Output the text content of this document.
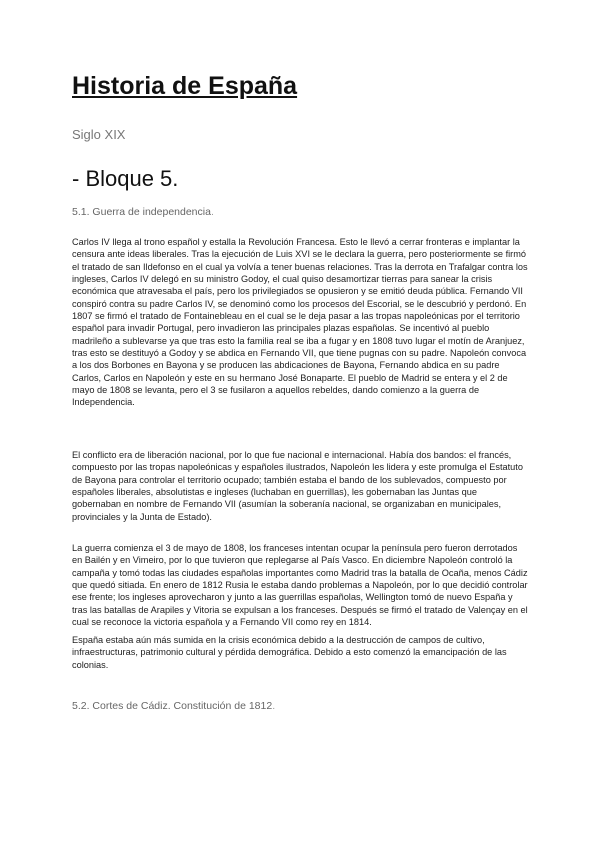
Historia de España

Siglo XIX

- Bloque 5.
5.1. Guerra de independencia.

Carlos IV llega al trono español y estalla la Revolución Francesa. Esto le llevó a cerrar fronteras e implantar la censura ante ideas liberales. Tras la ejecución de Luis XVI se le declara la guerra, pero posteriormente se firmó el tratado de san Ildefonso en el cual ya volvía a tener buenas relaciones. Tras la derrota en Trafalgar contra los ingleses, Carlos IV delegó en su ministro Godoy, el cual quiso desamortizar tierras para sanear la crisis económica que atravesaba el país, pero los privilegiados se opusieron y se emitió deuda pública. Fernando VII conspiró contra su padre Carlos IV, se denominó como los procesos del Escorial, se le descubrió y perdonó. En 1807 se firmó el tratado de Fontainebleau en el cual se le deja pasar a las tropas napoleónicas por el territorio español para invadir Portugal, pero invadieron las principales plazas españolas. Se incentivó al pueblo madrileño a sublevarse ya que tras esto la familia real se iba a fugar y en 1808 tuvo lugar el motín de Aranjuez, tras esto se destituyó a Godoy y se abdica en Fernando VII, que tiene pugnas con su padre. Napoleón convoca a los dos Borbones en Bayona y se producen las abdicaciones de Bayona, Fernando abdica en su padre Carlos, Carlos en Napoleón y este en su hermano José Bonaparte. El pueblo de Madrid se entera y el 2 de mayo de 1808 se levanta, pero el 3 se fusilaron a aquellos rebeldes, dando comienzo a la guerra de Independencia.

El conflicto era de liberación nacional, por lo que fue nacional e internacional. Había dos bandos: el francés, compuesto por las tropas napoleónicas y españoles ilustrados, Napoleón les lidera y este promulga el Estatuto de Bayona para controlar el territorio ocupado; también estaba el bando de los sublevados, compuesto por españoles liberales, absolutistas e ingleses (luchaban en guerrillas), les gobernaban las Juntas que gobernaban en nombre de Fernando VII (asumían la soberanía nacional, se organizaban en municipales, provinciales y la Junta de Estado).

La guerra comienza el 3 de mayo de 1808, los franceses intentan ocupar la península pero fueron derrotados en Bailén y en Vimeiro, por lo que tuvieron que replegarse al País Vasco. En diciembre Napoleón controló la campaña y tomó todas las ciudades españolas importantes como Madrid tras la batalla de Ocaña, menos Cádiz que quedó sitiada. En enero de 1812 Rusia le estaba dando problemas a Napoleón, por lo que decidió controlar ese frente; los ingleses aprovecharon y junto a las guerrillas españolas, Wellington tomó de nuevo España y tras las batallas de Arapiles y Vitoria se expulsan a los franceses. Después se firmó el tratado de Valençay en el cual se reconoce la victoria española y a Fernando VII como rey en 1814.

España estaba aún más sumida en la crisis económica debido a la destrucción de campos de cultivo, infraestructuras, patrimonio cultural y pérdida demográfica. Debido a esto comenzó la emancipación de las colonias.

5.2. Cortes de Cádiz. Constitución de 1812.
